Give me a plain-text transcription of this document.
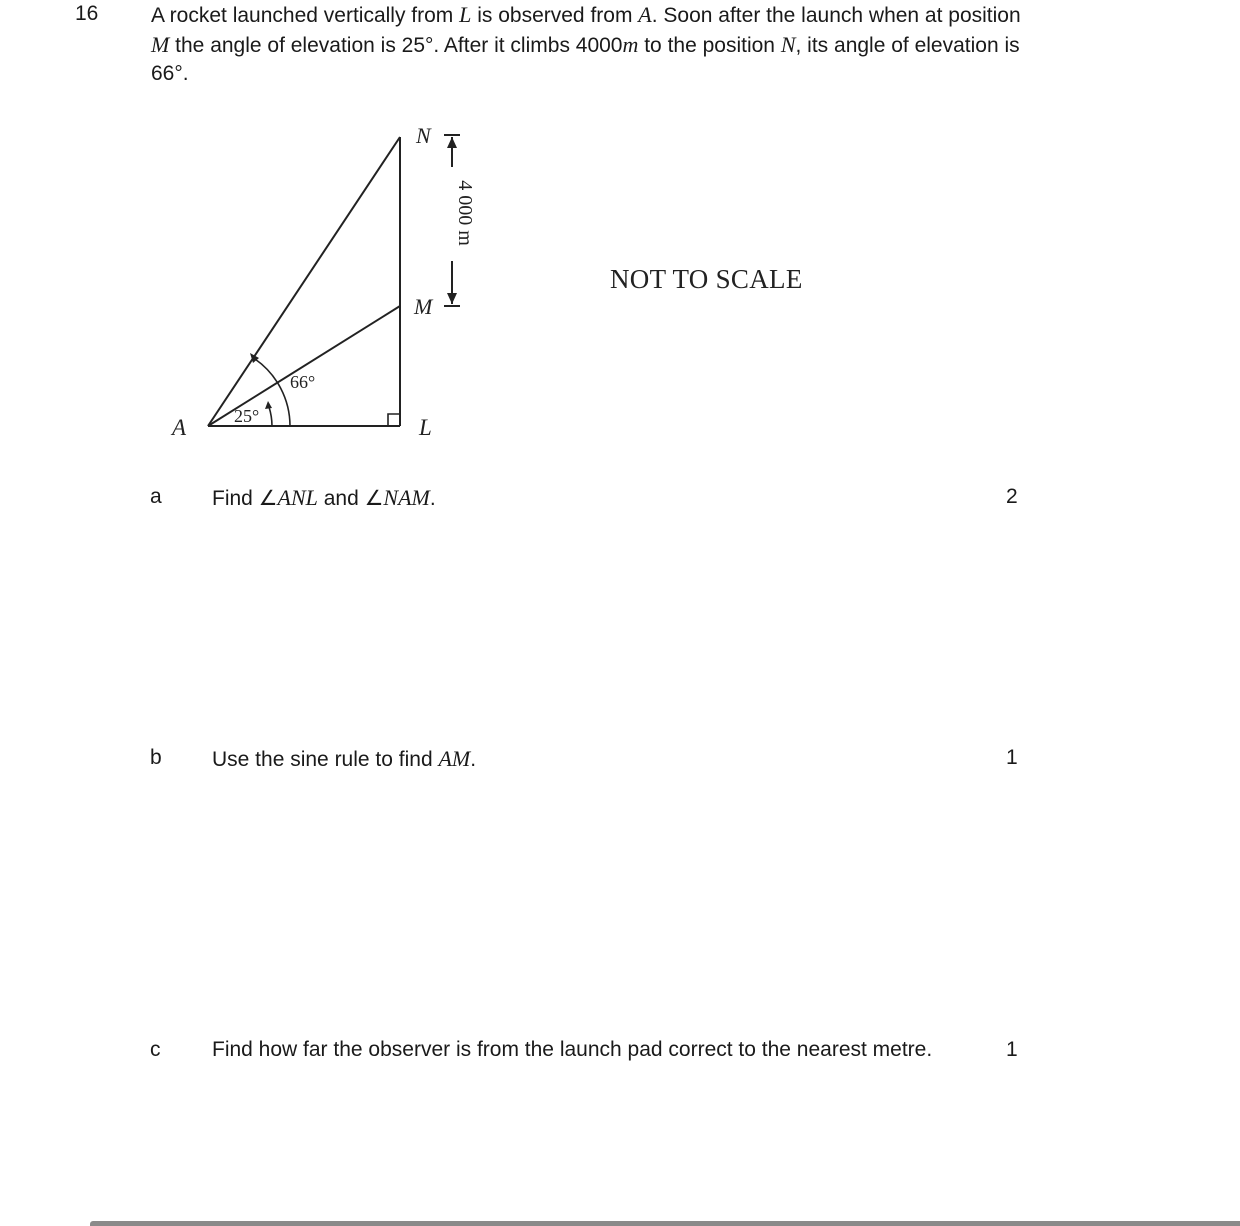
16	A rocket launched vertically from L is observed from A. Soon after the launch when at position M the angle of elevation is 25°. After it climbs 4000m to the position N, its angle of elevation is 66°.
4 000 m
A	L
M
N
25°
66°
NOT TO SCALE
a Find ∠ANL and ∠NAM.	2
b Use the sine rule to find AM.	1
c Find how far the observer is from the launch pad correct to the nearest metre.	1
